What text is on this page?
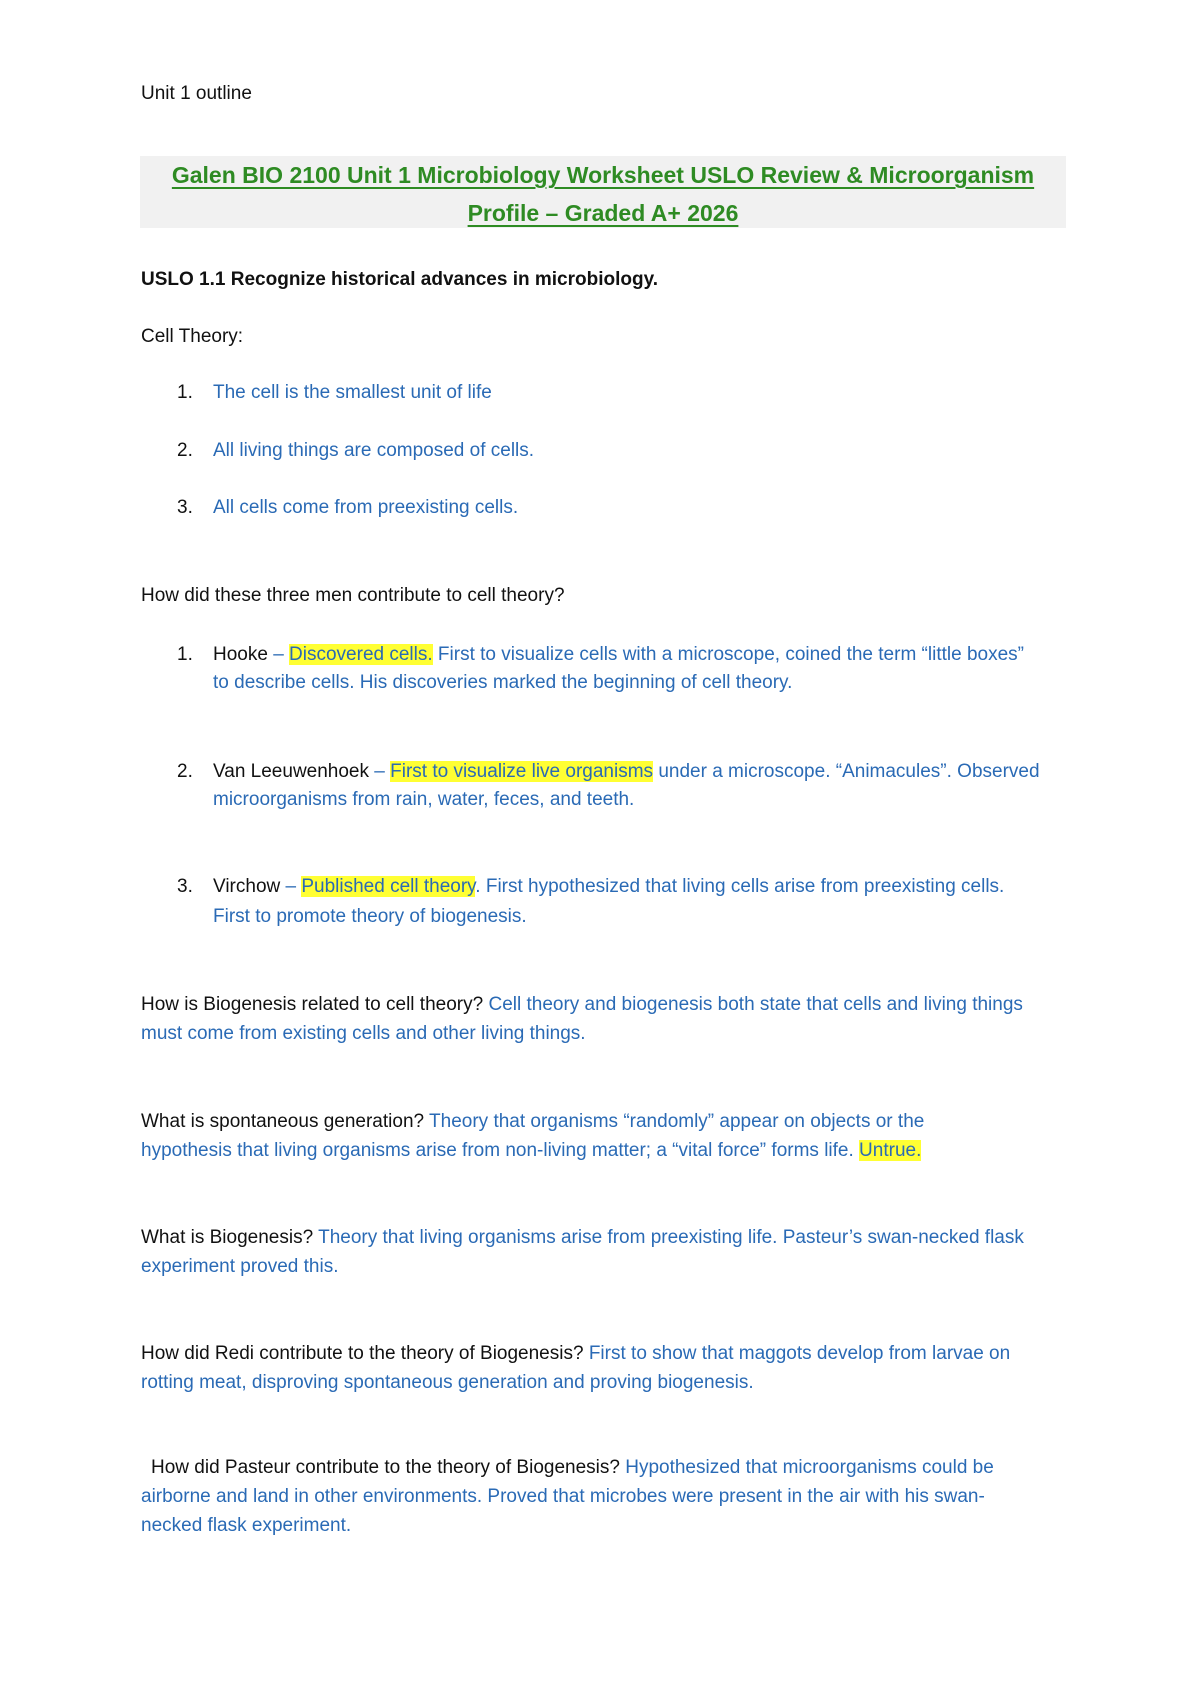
Unit 1 outline
Galen BIO 2100 Unit 1 Microbiology Worksheet USLO Review & Microorganism
Profile – Graded A+ 2026
USLO 1.1 Recognize historical advances in microbiology.
Cell Theory:
1. The cell is the smallest unit of life
2. All living things are composed of cells.
3. All cells come from preexisting cells.
How did these three men contribute to cell theory?
1. Hooke – Discovered cells. First to visualize cells with a microscope, coined the term “little boxes”
to describe cells. His discoveries marked the beginning of cell theory.
2. Van Leeuwenhoek – First to visualize live organisms under a microscope. “Animacules”. Observed
microorganisms from rain, water, feces, and teeth.
3. Virchow – Published cell theory. First hypothesized that living cells arise from preexisting cells.
First to promote theory of biogenesis.
How is Biogenesis related to cell theory? Cell theory and biogenesis both state that cells and living things
must come from existing cells and other living things.
What is spontaneous generation? Theory that organisms “randomly” appear on objects or the
hypothesis that living organisms arise from non-living matter; a “vital force” forms life. Untrue.
What is Biogenesis? Theory that living organisms arise from preexisting life. Pasteur’s swan-necked flask
experiment proved this.
How did Redi contribute to the theory of Biogenesis? First to show that maggots develop from larvae on
rotting meat, disproving spontaneous generation and proving biogenesis.
How did Pasteur contribute to the theory of Biogenesis? Hypothesized that microorganisms could be
airborne and land in other environments. Proved that microbes were present in the air with his swan-
necked flask experiment.
